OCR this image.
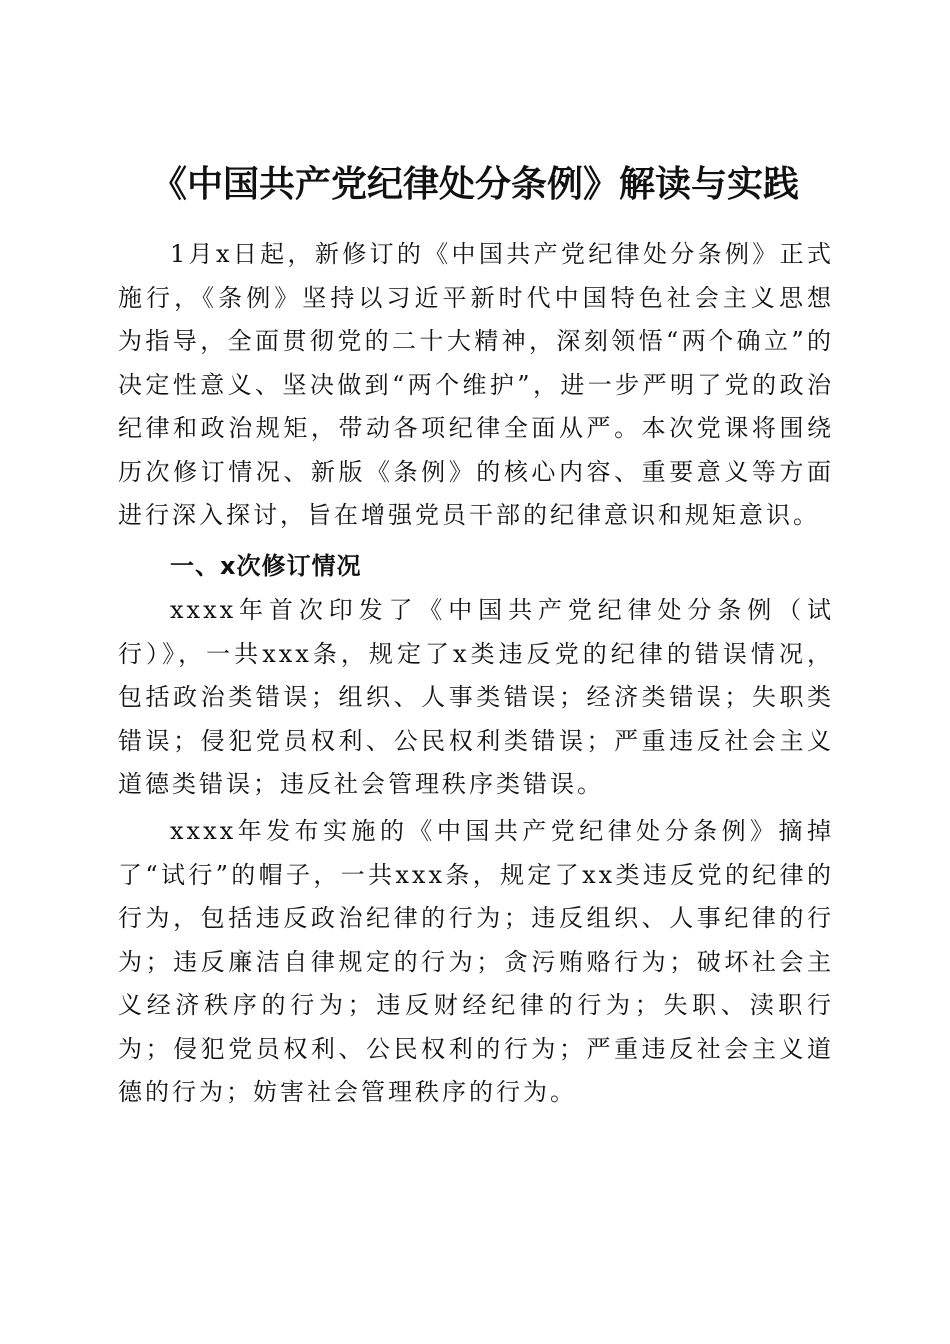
《中国共产党纪律处分条例》解读与实践

1月x日起，新修订的《中国共产党纪律处分条例》正式施行，《条例》坚持以习近平新时代中国特色社会主义思想为指导，全面贯彻党的二十大精神，深刻领悟“两个确立”的决定性意义、坚决做到“两个维护”，进一步严明了党的政治纪律和政治规矩，带动各项纪律全面从严。本次党课将围绕历次修订情况、新版《条例》的核心内容、重要意义等方面进行深入探讨，旨在增强党员干部的纪律意识和规矩意识。

一、x次修订情况

xxxx年首次印发了《中国共产党纪律处分条例（试行）》，一共xxx条，规定了x类违反党的纪律的错误情况，包括政治类错误；组织、人事类错误；经济类错误；失职类错误；侵犯党员权利、公民权利类错误；严重违反社会主义道德类错误；违反社会管理秩序类错误。

xxxx年发布实施的《中国共产党纪律处分条例》摘掉了“试行”的帽子，一共xxx条，规定了xx类违反党的纪律的行为，包括违反政治纪律的行为；违反组织、人事纪律的行为；违反廉洁自律规定的行为；贪污贿赂行为；破坏社会主义经济秩序的行为；违反财经纪律的行为；失职、渎职行为；侵犯党员权利、公民权利的行为；严重违反社会主义道德的行为；妨害社会管理秩序的行为。
